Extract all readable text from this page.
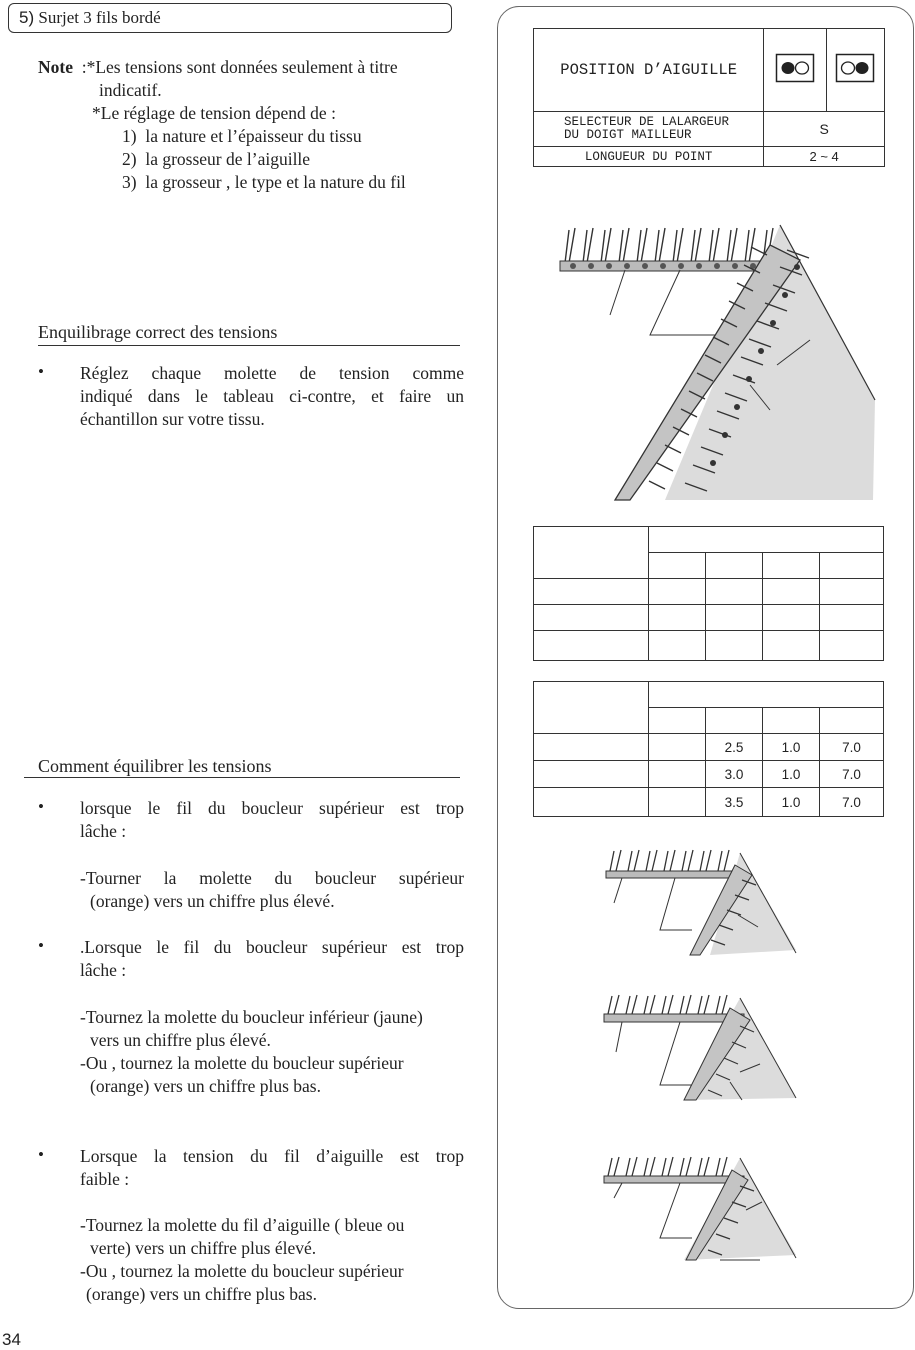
5) Surjet 3 fils bordé
Note :*Les tensions sont données seulement à titre
indicatif.
*Le réglage de tension dépend de :
1) la nature et l’épaisseur du tissu
2) la grosseur de l’aiguille
3) la grosseur , le type et la nature du fil
Enquilibrage correct des tensions
• Réglez chaque molette de tension comme
indiqué dans le tableau ci-contre, et faire un
échantillon sur votre tissu.
Comment équilibrer les tensions
• lorsque le fil du boucleur supérieur est trop
lâche :
-Tourner la molette du boucleur supérieur
(orange) vers un chiffre plus élevé.
• .Lorsque le fil du boucleur supérieur est trop
lâche :
-Tournez la molette du boucleur inférieur (jaune)
vers un chiffre plus élevé.
-Ou , tournez la molette du boucleur supérieur
(orange) vers un chiffre plus bas.
• Lorsque la tension du fil d’aiguille est trop
faible :
-Tournez la molette du fil d’aiguille ( bleue ou
verte) vers un chiffre plus élevé.
-Ou , tournez la molette du boucleur supérieur
(orange) vers un chiffre plus bas.
34
POSITION D’AIGUILLE		

SELECTEUR DE LALARGEUR
DU DOIGT MAILLEUR	S	
LONGUEUR DU POINT	2 ~ 4	

		2.5	1.0	7.0
		3.0	1.0	7.0
		3.5	1.0	7.0
